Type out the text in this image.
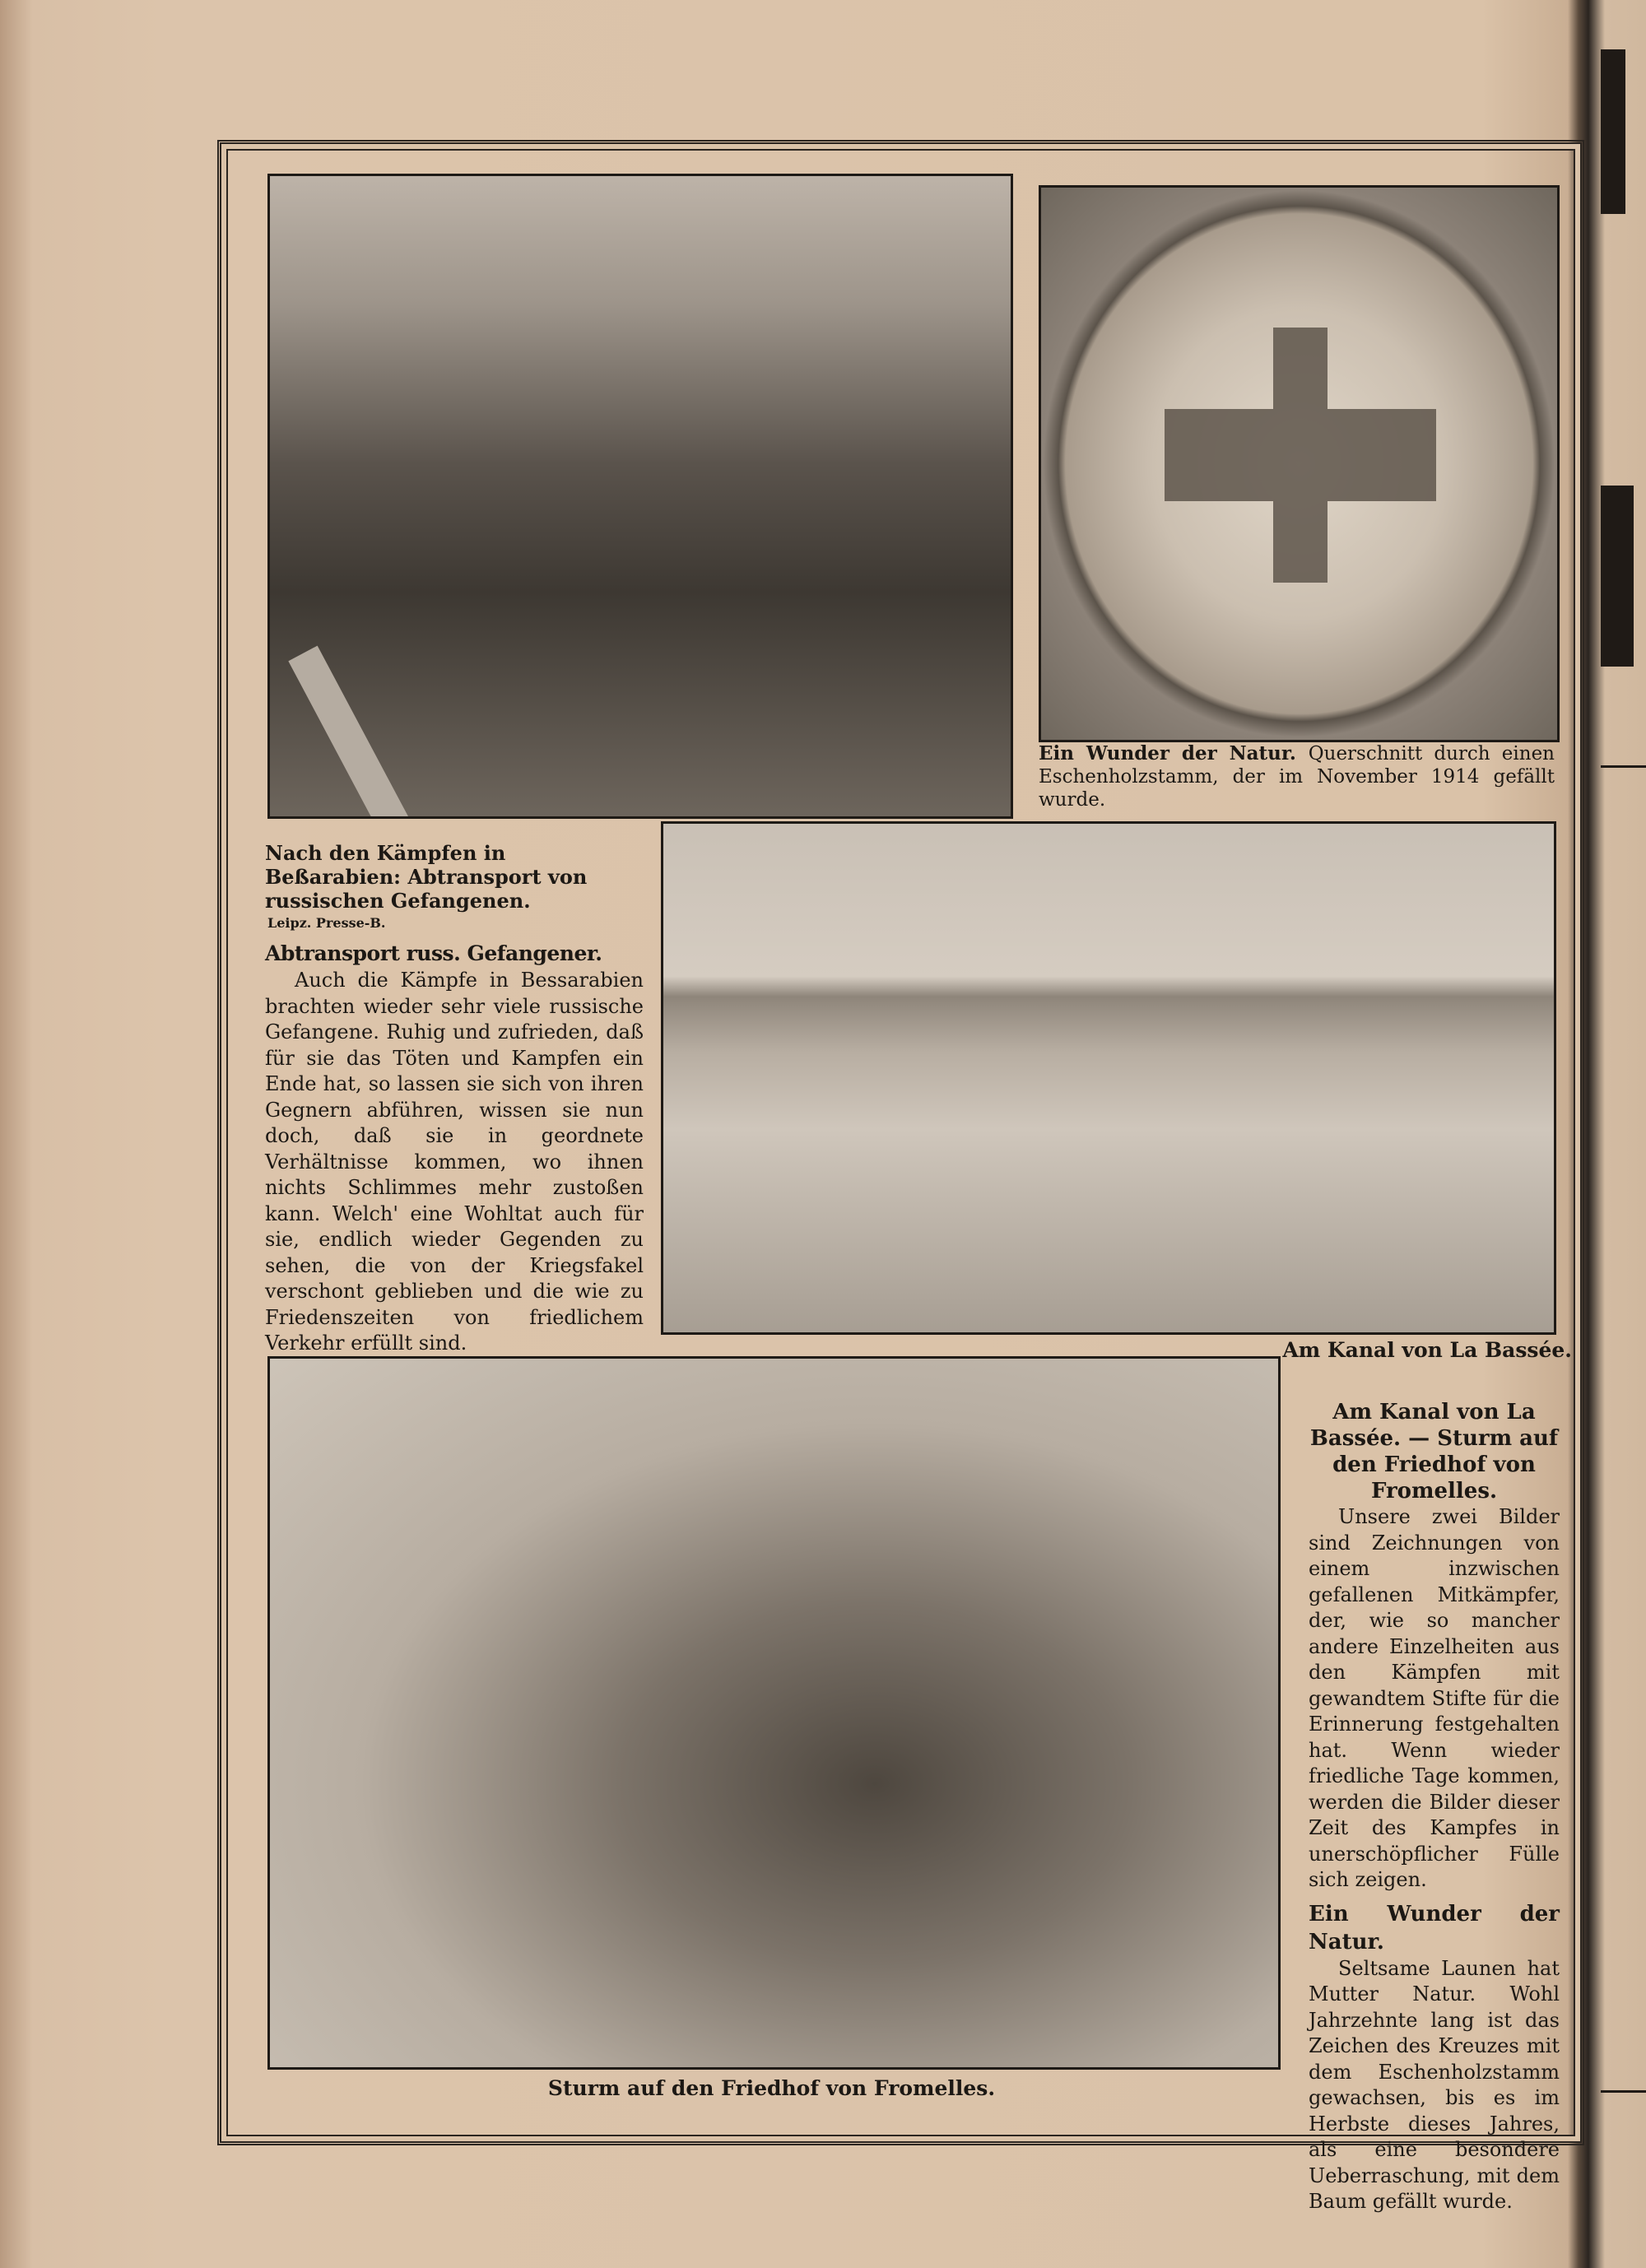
Ein Wunder der Natur. Querschnitt durch einen Eschenholzstamm, der im November 1914 gefällt wurde.
Nach den Kämpfen in Beßarabien: Abtransport von russischen Gefangenen.
Leipz. Presse-B.
Abtransport russ. Gefangener.

Auch die Kämpfe in Bessarabien brachten wieder sehr viele russische Gefangene. Ruhig und zufrieden, daß für sie das Töten und Kampfen ein Ende hat, so lassen sie sich von ihren Gegnern abführen, wissen sie nun doch, daß sie in geordnete Verhältnisse kommen, wo ihnen nichts Schlimmes mehr zustoßen kann. Welch' eine Wohltat auch für sie, endlich wieder Gegenden zu sehen, die von der Kriegsfakel verschont geblieben und die wie zu Friedenszeiten von friedlichem Verkehr erfüllt sind.	Am Kanal von La Bassée.
Sturm auf den Friedhof von Fromelles.
Am Kanal von La Bassée. — Sturm auf den Friedhof von Fromelles.

Unsere zwei Bilder sind Zeichnungen von einem inzwischen gefallenen Mitkämpfer, der, wie so mancher andere Einzelheiten aus den Kämpfen mit gewandtem Stifte für die Erinnerung festgehalten hat. Wenn wieder friedliche Tage kommen, werden die Bilder dieser Zeit des Kampfes in unerschöpflicher Fülle sich zeigen.

Ein Wunder der Natur.

Seltsame Launen hat Mutter Natur. Wohl Jahrzehnte lang ist das Zeichen des Kreuzes mit dem Eschenholzstamm gewachsen, bis es im Herbste dieses Jahres, als eine besondere Ueberraschung, mit dem Baum gefällt wurde.
